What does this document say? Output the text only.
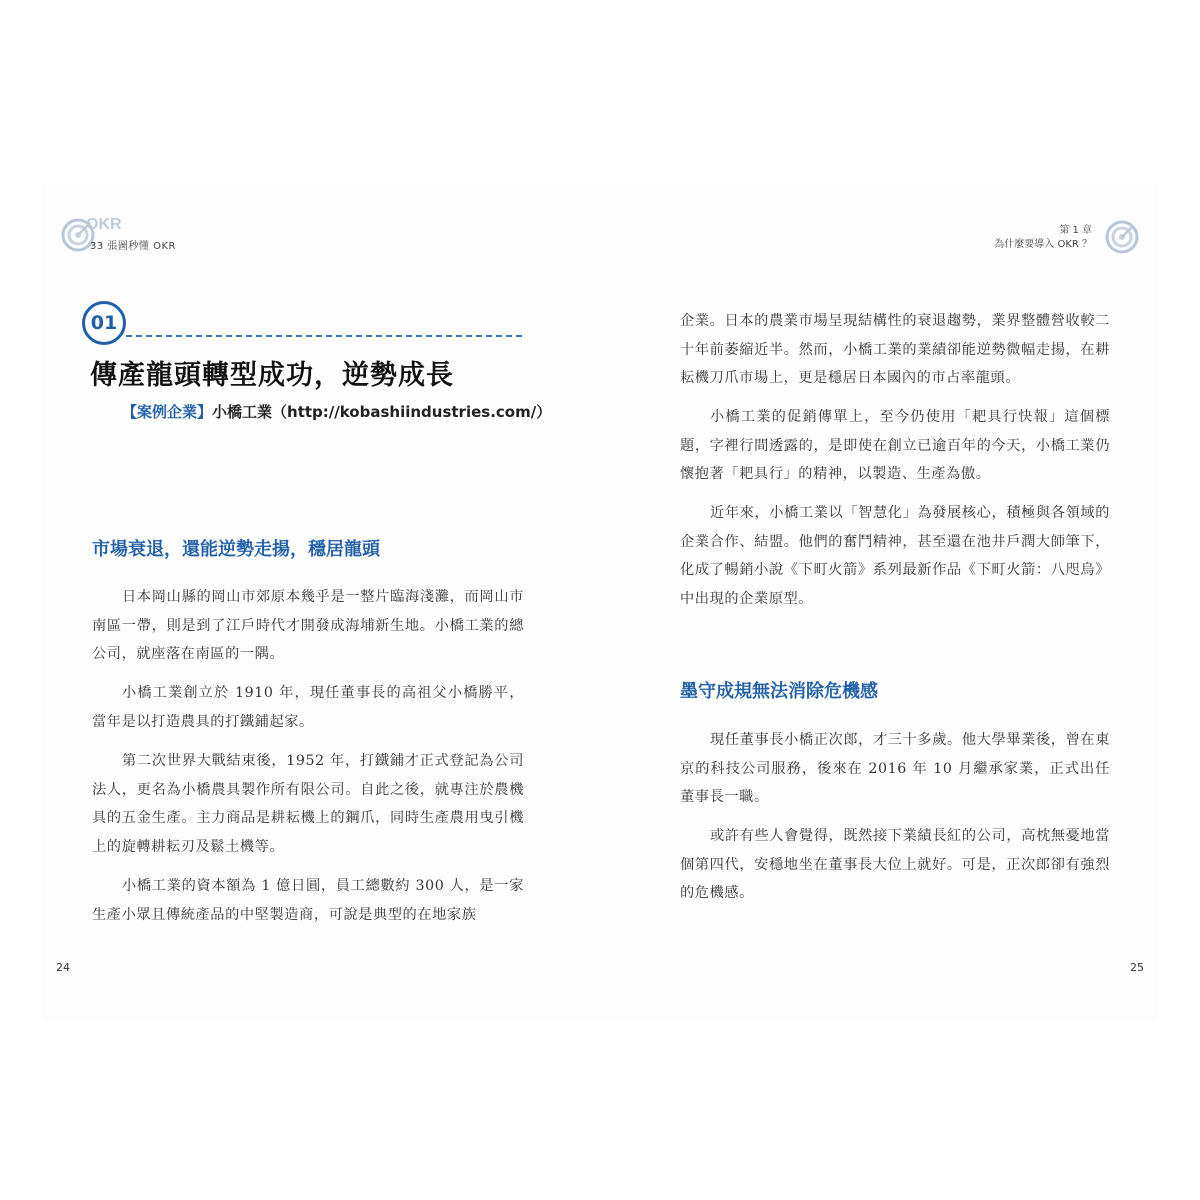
OKR
33 張圖秒懂 OKR
01
傳產龍頭轉型成功，逆勢成長
【案例企業】小橋工業（http://kobashiindustries.com/）
市場衰退，還能逆勢走揚，穩居龍頭

日本岡山縣的岡山市郊原本幾乎是一整片臨海淺灘，而岡山市南區一帶，則是到了江戶時代才開發成海埔新生地。小橋工業的總公司，就座落在南區的一隅。

小橋工業創立於 1910 年，現任董事長的高祖父小橋勝平，當年是以打造農具的打鐵鋪起家。

第二次世界大戰結束後，1952 年，打鐵鋪才正式登記為公司法人，更名為小橋農具製作所有限公司。自此之後，就專注於農機具的五金生產。主力商品是耕耘機上的鋼爪，同時生產農用曳引機上的旋轉耕耘刃及鬆土機等。

小橋工業的資本額為 1 億日圓，員工總數約 300 人，是一家生產小眾且傳統產品的中堅製造商，可說是典型的在地家族

24
第 1 章
為什麼要導入 OKR ？

企業。日本的農業市場呈現結構性的衰退趨勢，業界整體營收較二十年前萎縮近半。然而，小橋工業的業績卻能逆勢微幅走揚，在耕耘機刀爪市場上，更是穩居日本國內的市占率龍頭。

小橋工業的促銷傳單上，至今仍使用「耙具行快報」這個標題，字裡行間透露的，是即使在創立已逾百年的今天，小橋工業仍懷抱著「耙具行」的精神，以製造、生產為傲。

近年來，小橋工業以「智慧化」為發展核心，積極與各領域的企業合作、結盟。他們的奮鬥精神，甚至還在池井戶潤大師筆下，化成了暢銷小說《下町火箭》系列最新作品《下町火箭：八咫烏》中出現的企業原型。

墨守成規無法消除危機感

現任董事長小橋正次郎，才三十多歲。他大學畢業後，曾在東京的科技公司服務，後來在 2016 年 10 月繼承家業，正式出任董事長一職。

或許有些人會覺得，既然接下業績長紅的公司，高枕無憂地當個第四代，安穩地坐在董事長大位上就好。可是，正次郎卻有強烈的危機感。

25
